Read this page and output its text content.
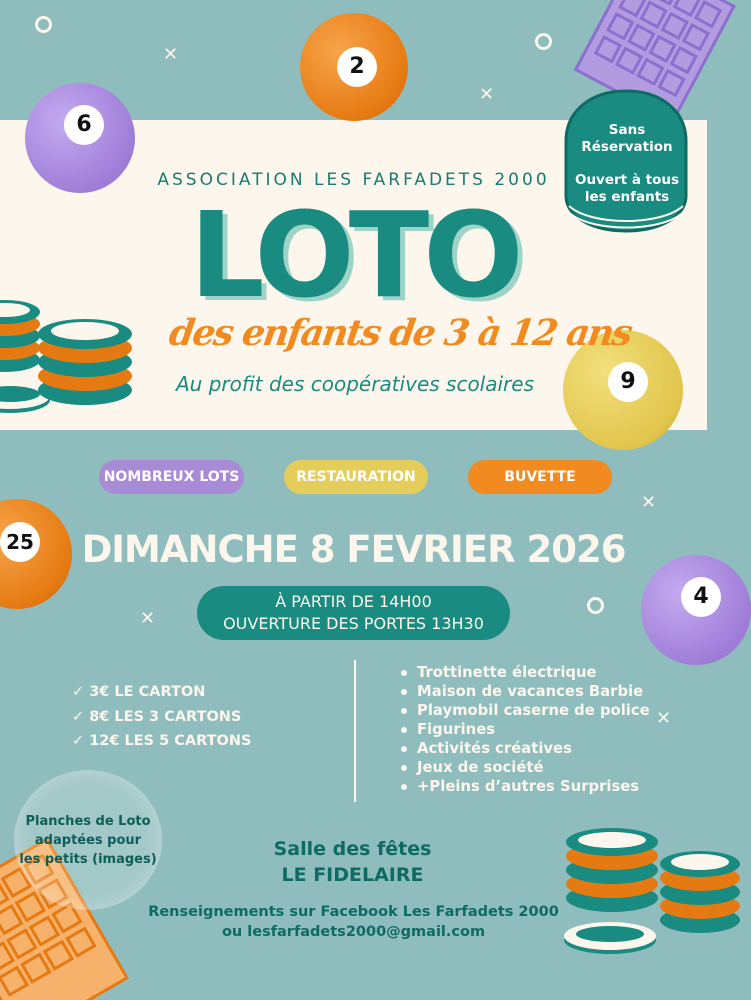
✕
✕
✕
✕
✕
2
6
9
25
4
Sans
Réservation
Ouvert à tous
les enfants
ASSOCIATION LES FARFADETS 2000
LOTO
des enfants de 3 à 12 ans
Au profit des coopératives scolaires
NOMBREUX LOTS	RESTAURATION	BUVETTE
DIMANCHE 8 FEVRIER 2026
À PARTIR DE 14H00
OUVERTURE DES PORTES 13H30
✓ 3€ LE CARTON
✓ 8€ LES 3 CARTONS
✓ 12€ LES 5 CARTONS
Trottinette électrique
Maison de vacances Barbie
Playmobil caserne de police
Figurines
Activités créatives
Jeux de société
+Pleins d’autres Surprises
Planches de Loto
adaptées pour
les petits (images)	Salle des fêtes
LE FIDELAIRE
Renseignements sur Facebook Les Farfadets 2000
ou lesfarfadets2000@gmail.com
